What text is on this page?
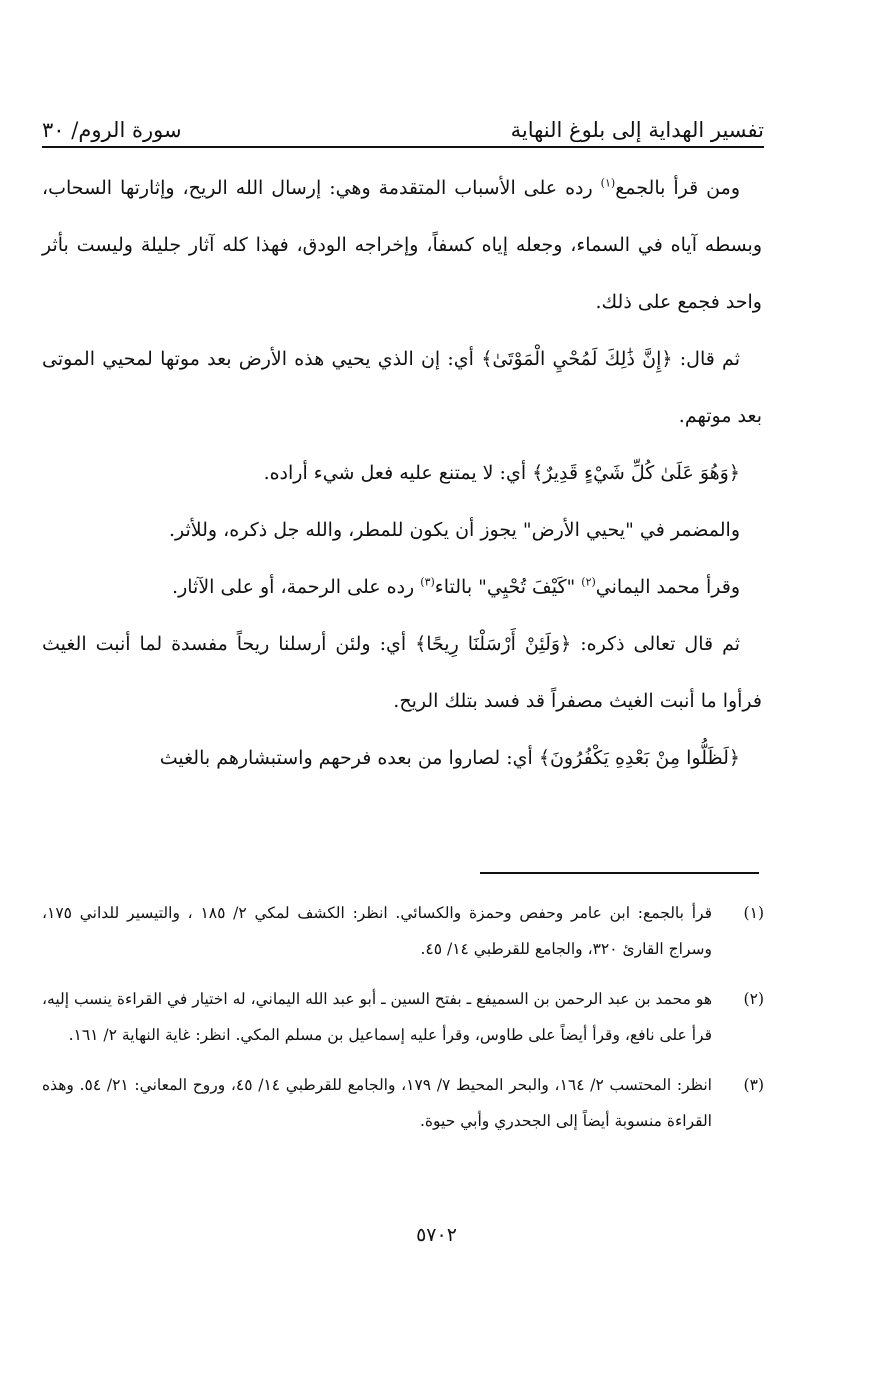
تفسير الهداية إلى بلوغ النهاية
سورة الروم/ ٣٠

ومن قرأ بالجمع$^{(١)}$ رده على الأسباب المتقدمة وهي: إرسال الله الريح، وإثارتها السحاب، وبسطه آياه في السماء، وجعله إياه كسفاً، وإخراجه الودق، فهذا كله آثار جليلة وليست بأثر واحد فجمع على ذلك.

ثم قال: ﴿إِنَّ ذَٰلِكَ لَمُحْيِ الْمَوْتَىٰ﴾ أي: إن الذي يحيي هذه الأرض بعد موتها لمحيي الموتى بعد موتهم.

﴿وَهُوَ عَلَىٰ كُلِّ شَيْءٍ قَدِيرٌ﴾ أي: لا يمتنع عليه فعل شيء أراده.

والمضمر في "يحيي الأرض" يجوز أن يكون للمطر، والله جل ذكره، وللأثر.

وقرأ محمد اليماني$^{(٢)}$ "كَيْفَ تُحْيِي" بالتاء$^{(٣)}$ رده على الرحمة، أو على الآثار.

ثم قال تعالى ذكره: ﴿وَلَئِنْ أَرْسَلْنَا رِيحًا﴾ أي: ولئن أرسلنا ريحاً مفسدة لما أنبت الغيث فرأوا ما أنبت الغيث مصفراً قد فسد بتلك الريح.

﴿لَظَلُّوا مِنْ بَعْدِهِ يَكْفُرُونَ﴾ أي: لصاروا من بعده فرحهم واستبشارهم بالغيث

(١)
قرأ بالجمع: ابن عامر وحفص وحمزة والكسائي. انظر: الكشف لمكي ٢/ ١٨٥ ، والتيسير للداني ١٧٥، وسراج القارئ ٣٢٠، والجامع للقرطبي ١٤/ ٤٥.
(٢)
هو محمد بن عبد الرحمن بن السميفع ـ بفتح السين ـ أبو عبد الله اليماني، له اختيار في القراءة ينسب إليه، قرأ على نافع، وقرأ أيضاً على طاوس، وقرأ عليه إسماعيل بن مسلم المكي. انظر: غاية النهاية ٢/ ١٦١.
(٣)
انظر: المحتسب ٢/ ١٦٤، والبحر المحيط ٧/ ١٧٩، والجامع للقرطبي ١٤/ ٤٥، وروح المعاني: ٢١/ ٥٤. وهذه القراءة منسوبة أيضاً إلى الجحدري وأبي حيوة.
٥٧٠٢
